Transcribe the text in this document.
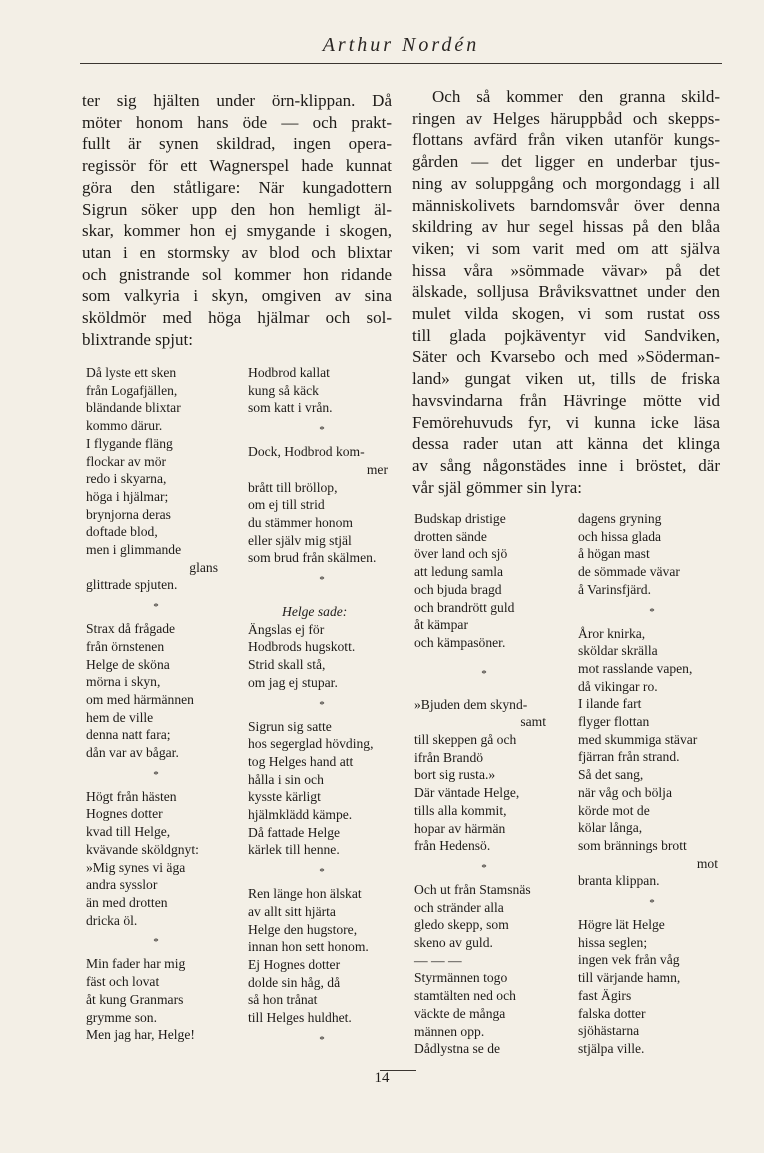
Arthur Nordén
ter sig hjälten under örn-klippan. Då
möter honom hans öde — och prakt-
fullt är synen skildrad, ingen opera-
regissör för ett Wagnerspel hade kunnat
göra den ståtligare: När kungadottern
Sigrun söker upp den hon hemligt äl-
skar, kommer hon ej smygande i skogen,
utan i en stormsky av blod och blixtar
och gnistrande sol kommer hon ridande
som valkyria i skyn, omgiven av sina
sköldmör med höga hjälmar och sol-
blixtrande spjut:
Och så kommer den granna skild-
ringen av Helges häruppbåd och skepps-
flottans avfärd från viken utanför kungs-
gården — det ligger en underbar tjus-
ning av soluppgång och morgondagg i all
människolivets barndomsvår över denna
skildring av hur segel hissas på den blåa
viken; vi som varit med om att själva
hissa våra »sömmade vävar» på det
älskade, solljusa Bråviksvattnet under den
mulet vilda skogen, vi som rustat oss
till glada pojkäventyr vid Sandviken,
Säter och Kvarsebo och med »Söderman-
land» gungat viken ut, tills de friska
havsvindarna från Hävringe mötte vid
Femörehuvuds fyr, vi kunna icke läsa
dessa rader utan att känna det klinga
av sång någonstädes inne i bröstet, där
vår själ gömmer sin lyra:
Då lyste ett sken
från Logafjällen,
bländande blixtar
kommo därur.
I flygande fläng
flockar av mör
redo i skyarna,
höga i hjälmar;
brynjorna deras
doftade blod,
men i glimmande
glans
glittrade spjuten.
*
Strax då frågade
från örnstenen
Helge de sköna
mörna i skyn,
om med härmännen
hem de ville
denna natt fara;
dån var av bågar.
*
Högt från hästen
Hognes dotter
kvad till Helge,
kvävande sköldgnyt:
»Mig synes vi äga
andra sysslor
än med drotten
dricka öl.
*
Min fader har mig
fäst och lovat
åt kung Granmars
grymme son.
Men jag har, Helge!
Hodbrod kallat
kung så käck
som katt i vrån.
*
Dock, Hodbrod kom-
mer
brått till bröllop,
om ej till strid
du stämmer honom
eller själv mig stjäl
som brud från skälmen.
*
Helge sade:
Ängslas ej för
Hodbrods hugskott.
Strid skall stå,
om jag ej stupar.
*
Sigrun sig satte
hos segerglad hövding,
tog Helges hand att
hålla i sin och
kysste kärligt
hjälmklädd kämpe.
Då fattade Helge
kärlek till henne.
*
Ren länge hon älskat
av allt sitt hjärta
Helge den hugstore,
innan hon sett honom.
Ej Hognes dotter
dolde sin håg, då
så hon trånat
till Helges huldhet.
*
Budskap dristige
drotten sände
över land och sjö
att ledung samla
och bjuda bragd
och brandrött guld
åt kämpar
och kämpasöner.
*
»Bjuden dem skynd-
samt
till skeppen gå och
ifrån Brandö
bort sig rusta.»
Där väntade Helge,
tills alla kommit,
hopar av härmän
från Hedensö.
*
Och ut från Stamsnäs
och stränder alla
gledo skepp, som
skeno av guld.
— — —
Styrmännen togo
stamtälten ned och
väckte de många
männen opp.
Dådlystna se de
dagens gryning
och hissa glada
å högan mast
de sömmade vävar
å Varinsfjärd.
*
Åror knirka,
sköldar skrälla
mot rasslande vapen,
då vikingar ro.
I ilande fart
flyger flottan
med skummiga stävar
fjärran från strand.
Så det sang,
när våg och bölja
körde mot de
kölar långa,
som brännings brott
mot
branta klippan.
*
Högre lät Helge
hissa seglen;
ingen vek från våg
till värjande hamn,
fast Ägirs
falska dotter
sjöhästarna
stjälpa ville.
14
